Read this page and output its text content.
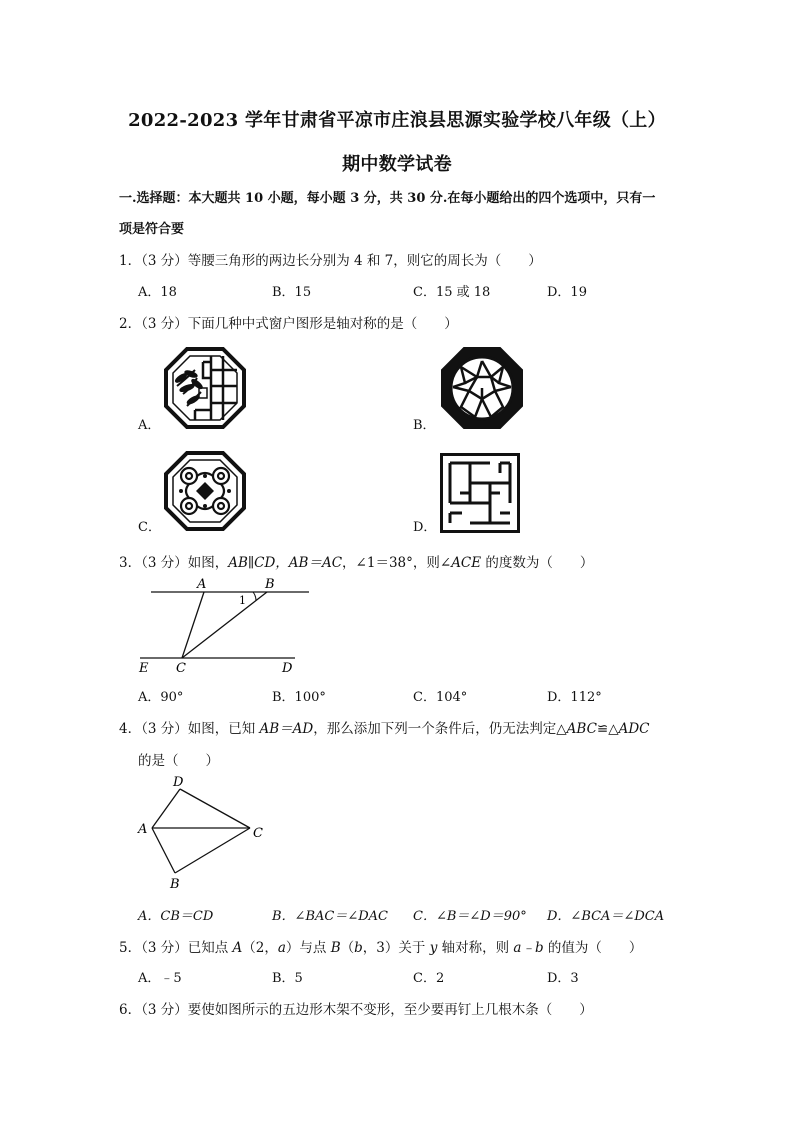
2022-2023 学年甘肃省平凉市庄浪县思源实验学校八年级（上）
期中数学试卷
一.选择题：本大题共 10 小题，每小题 3 分，共 30 分.在每小题给出的四个选项中，只有一
项是符合要
1．（3 分）等腰三角形的两边长分别为 4 和 7，则它的周长为（　　）
A．18	B．15	C．15 或 18	D．19
2．（3 分）下面几种中式窗户图形是轴对称的是（　　）
A．	B．
C．	D．
3．（3 分）如图，AB∥CD，AB＝AC，∠1＝38°，则∠ACE 的度数为（　　）
A	B
1
E C	D
A．90°	B．100°	C．104°	D．112°
4．（3 分）如图，已知 AB＝AD，那么添加下列一个条件后，仍无法判定△ABC≌△ADC
的是（　　）
D
A	C
B
A．CB＝CD	B．∠BAC＝∠DAC C．∠B＝∠D＝90° D．∠BCA＝∠DCA
5．（3 分）已知点 A（2，a）与点 B（b，3）关于 y 轴对称，则 a﹣b 的值为（　　）
A．﹣5	B．5	C．2	D．3
6．（3 分）要使如图所示的五边形木架不变形，至少要再钉上几根木条（　　）
